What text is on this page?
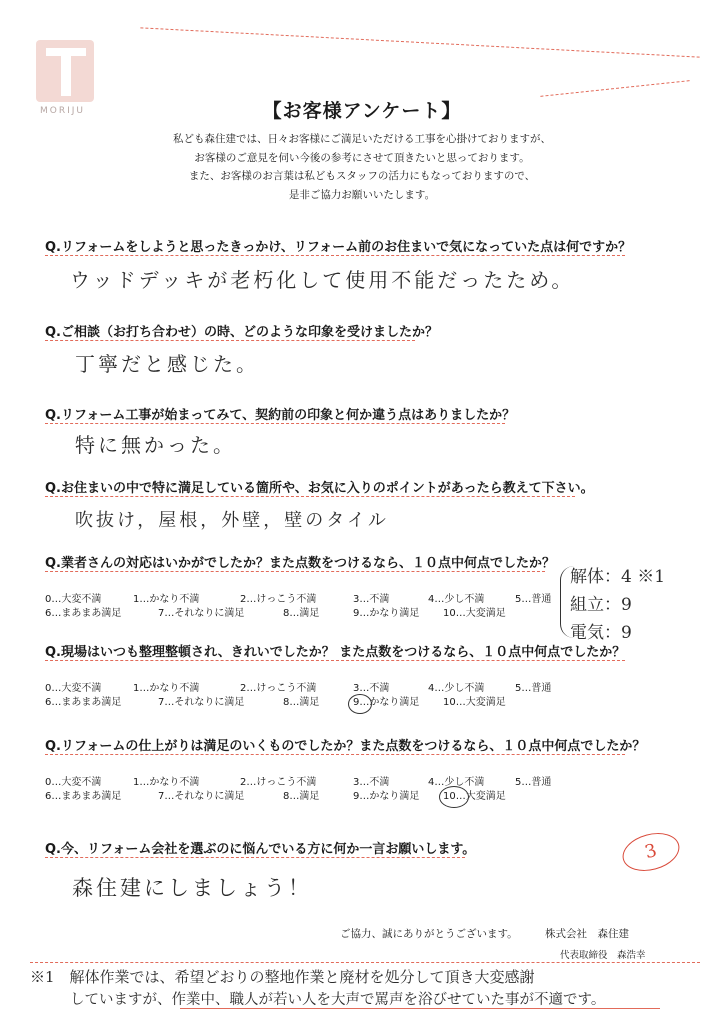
MORIJU	【お客様アンケート】
私ども森住建では、日々お客様にご満足いただける工事を心掛けておりますが、
お客様のご意見を伺い今後の参考にさせて頂きたいと思っております。
また、お客様のお言葉は私どもスタッフの活力にもなっておりますので、
是非ご協力お願いいたします。
Q.リフォームをしようと思ったきっかけ、リフォーム前のお住まいで気になっていた点は何ですか？
ウッドデッキが老朽化して使用不能だったため。
Q.ご相談（お打ち合わせ）の時、どのような印象を受けましたか？
丁寧だと感じた。
Q.リフォーム工事が始まってみて、契約前の印象と何か違う点はありましたか？
特に無かった。
Q.お住まいの中で特に満足している箇所や、お気に入りのポイントがあったら教えて下さい。
吹抜け，屋根，外壁，壁のタイル
Q.業者さんの対応はいかがでしたか？また点数をつけるなら、１０点中何点でしたか？
0…大変不満	1…かなり不満	2…けっこう不満	3…不満	4…少し不満	5…普通
6…まあまあ満足	7…それなりに満足	8…満足	9…かなり満足 10…大変満足
解体：4 ※1
組立：9
電気：9
Q.現場はいつも整理整頓され、きれいでしたか？ また点数をつけるなら、１０点中何点でしたか？
0…大変不満	1…かなり不満	2…けっこう不満	3…不満	4…少し不満	5…普通
6…まあまあ満足	7…それなりに満足	8…満足	9…かなり満足 10…大変満足
Q.リフォームの仕上がりは満足のいくものでしたか？また点数をつけるなら、１０点中何点でしたか？
0…大変不満	1…かなり不満	2…けっこう不満	3…不満	4…少し不満	5…普通
6…まあまあ満足	7…それなりに満足	8…満足	9…かなり満足 10…大変満足
Q.今、リフォーム会社を選ぶのに悩んでいる方に何か一言お願いします。
森住建にしましょう！
3
ご協力、誠にありがとうございます。	株式会社　森住建
代表取締役　森浩幸
※1　解体作業では、希望どおりの整地作業と廃材を処分して頂き大変感謝
していますが、作業中、職人が若い人を大声で罵声を浴びせていた事が不適です。
